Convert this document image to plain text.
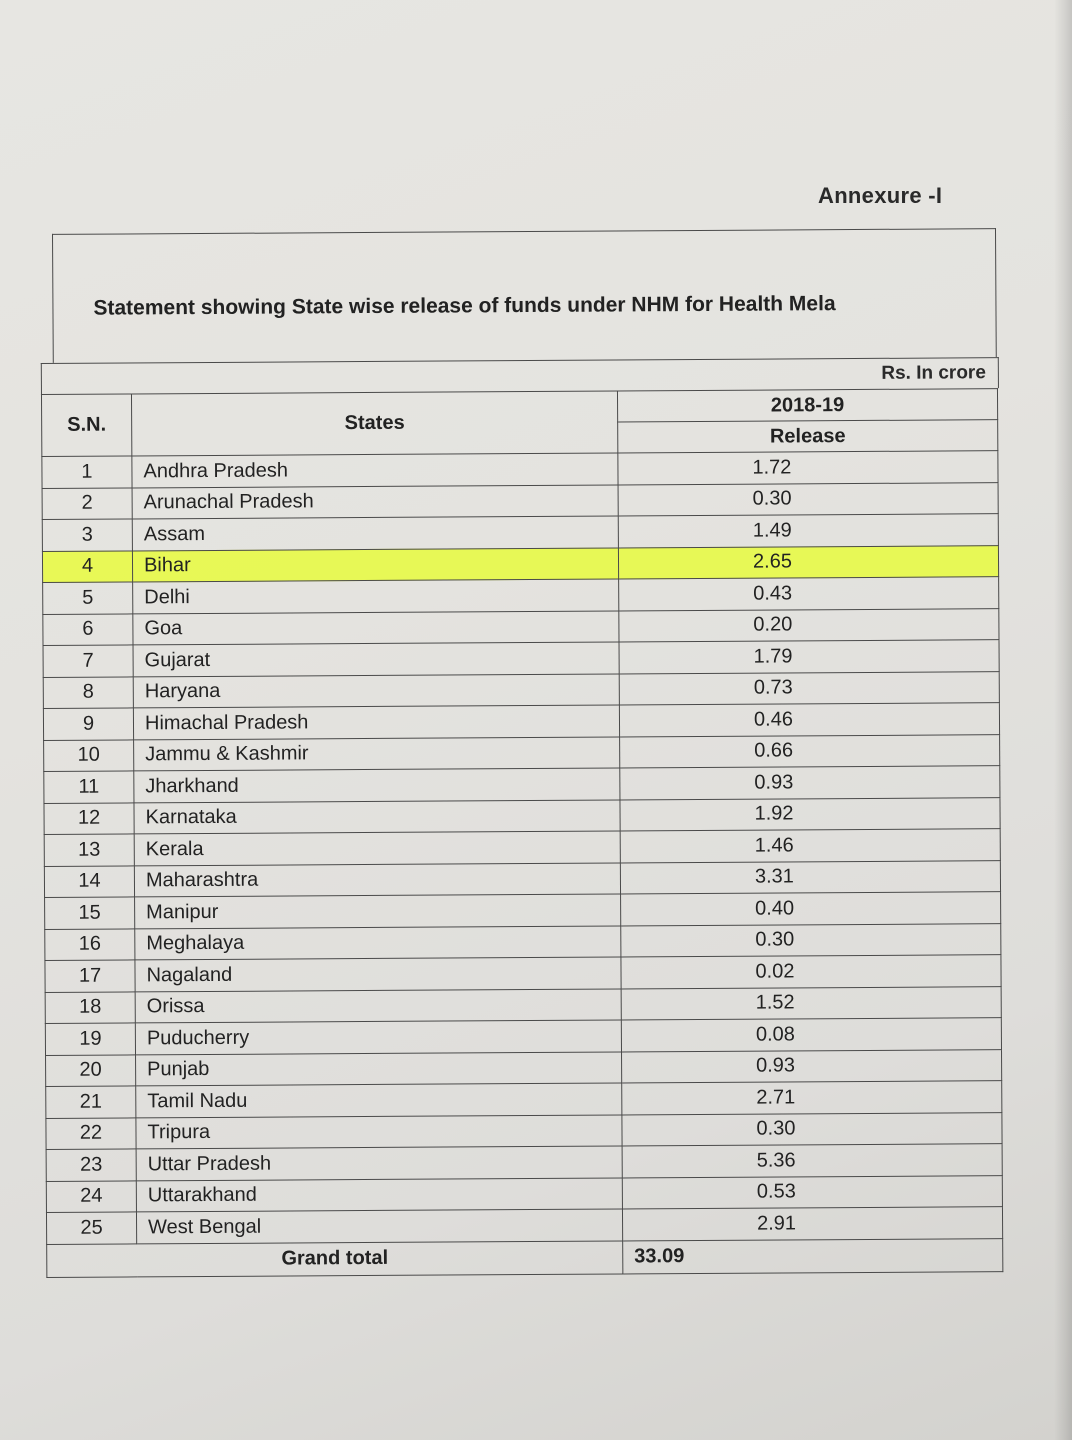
Annexure -I
Statement showing State wise release of funds under NHM for Health Mela
Rs. In crore
S.N.	States	2018-19
		Release
1	Andhra Pradesh	1.72
2	Arunachal Pradesh	0.30
3	Assam	1.49
4	Bihar	2.65
5	Delhi	0.43
6	Goa	0.20
7	Gujarat	1.79
8	Haryana	0.73
9	Himachal Pradesh	0.46
10	Jammu & Kashmir	0.66
11	Jharkhand	0.93
12	Karnataka	1.92
13	Kerala	1.46
14	Maharashtra	3.31
15	Manipur	0.40
16	Meghalaya	0.30
17	Nagaland	0.02
18	Orissa	1.52
19	Puducherry	0.08
20	Punjab	0.93
21	Tamil Nadu	2.71
22	Tripura	0.30
23	Uttar Pradesh	5.36
24	Uttarakhand	0.53
25	West Bengal	2.91
Grand total		33.09
